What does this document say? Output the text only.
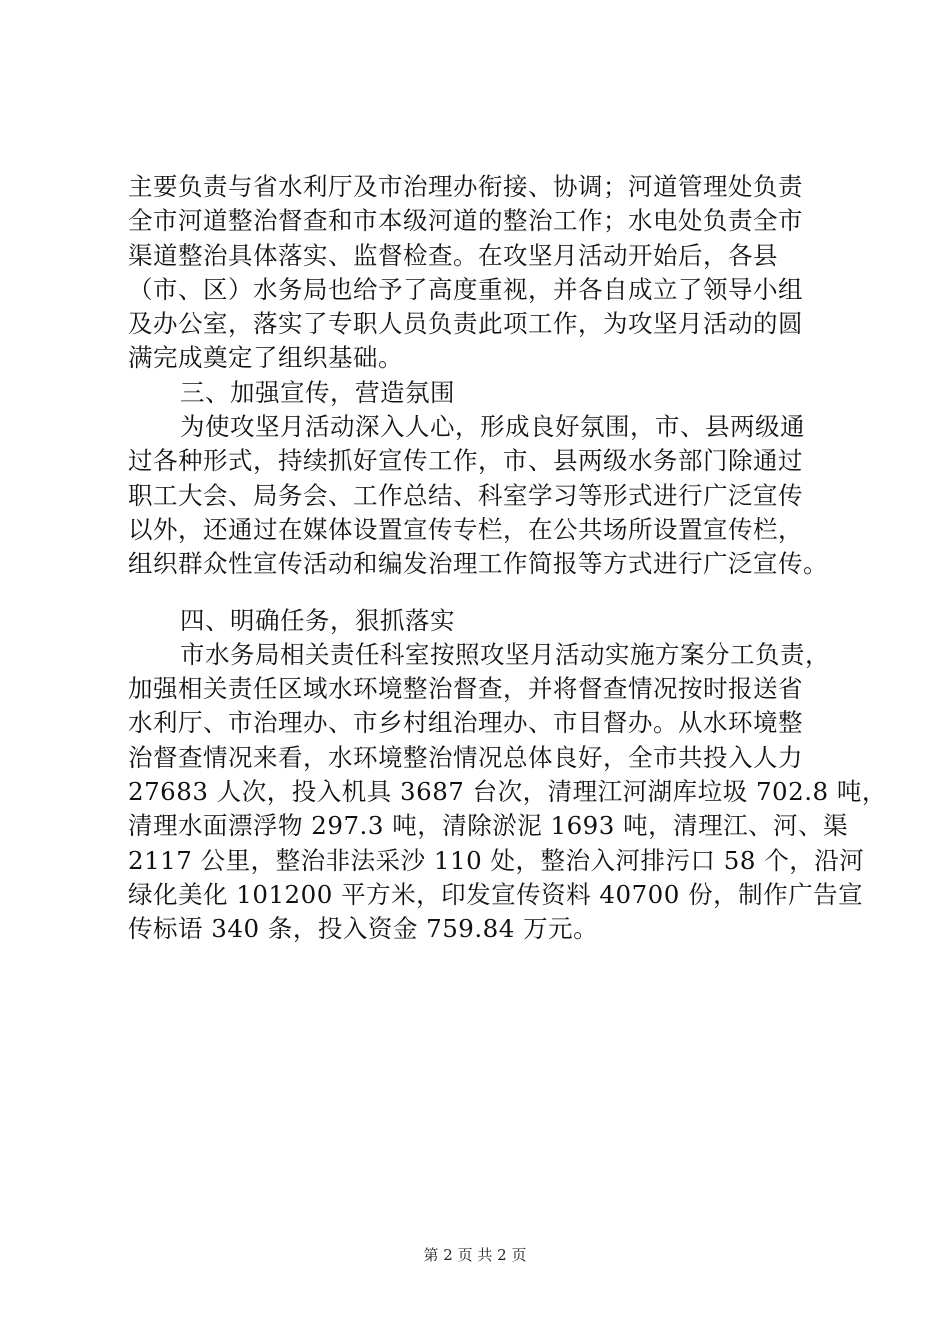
主要负责与省水利厅及市治理办衔接、协调；河道管理处负责
全市河道整治督查和市本级河道的整治工作；水电处负责全市
渠道整治具体落实、监督检查。在攻坚月活动开始后，各县
（市、区）水务局也给予了高度重视，并各自成立了领导小组
及办公室，落实了专职人员负责此项工作，为攻坚月活动的圆
满完成奠定了组织基础。
三、加强宣传，营造氛围
为使攻坚月活动深入人心，形成良好氛围，市、县两级通
过各种形式，持续抓好宣传工作，市、县两级水务部门除通过
职工大会、局务会、工作总结、科室学习等形式进行广泛宣传
以外，还通过在媒体设置宣传专栏，在公共场所设置宣传栏，
组织群众性宣传活动和编发治理工作简报等方式进行广泛宣传。
四、明确任务，狠抓落实
市水务局相关责任科室按照攻坚月活动实施方案分工负责，
加强相关责任区域水环境整治督查，并将督查情况按时报送省
水利厅、市治理办、市乡村组治理办、市目督办。从水环境整
治督查情况来看，水环境整治情况总体良好，全市共投入人力
27683 人次，投入机具 3687 台次，清理江河湖库垃圾 702.8 吨，
清理水面漂浮物 297.3 吨，清除淤泥 1693 吨，清理江、河、渠
2117 公里，整治非法采沙 110 处，整治入河排污口 58 个，沿河
绿化美化 101200 平方米，印发宣传资料 40700 份，制作广告宣
传标语 340 条，投入资金 759.84 万元。
第 2 页 共 2 页
